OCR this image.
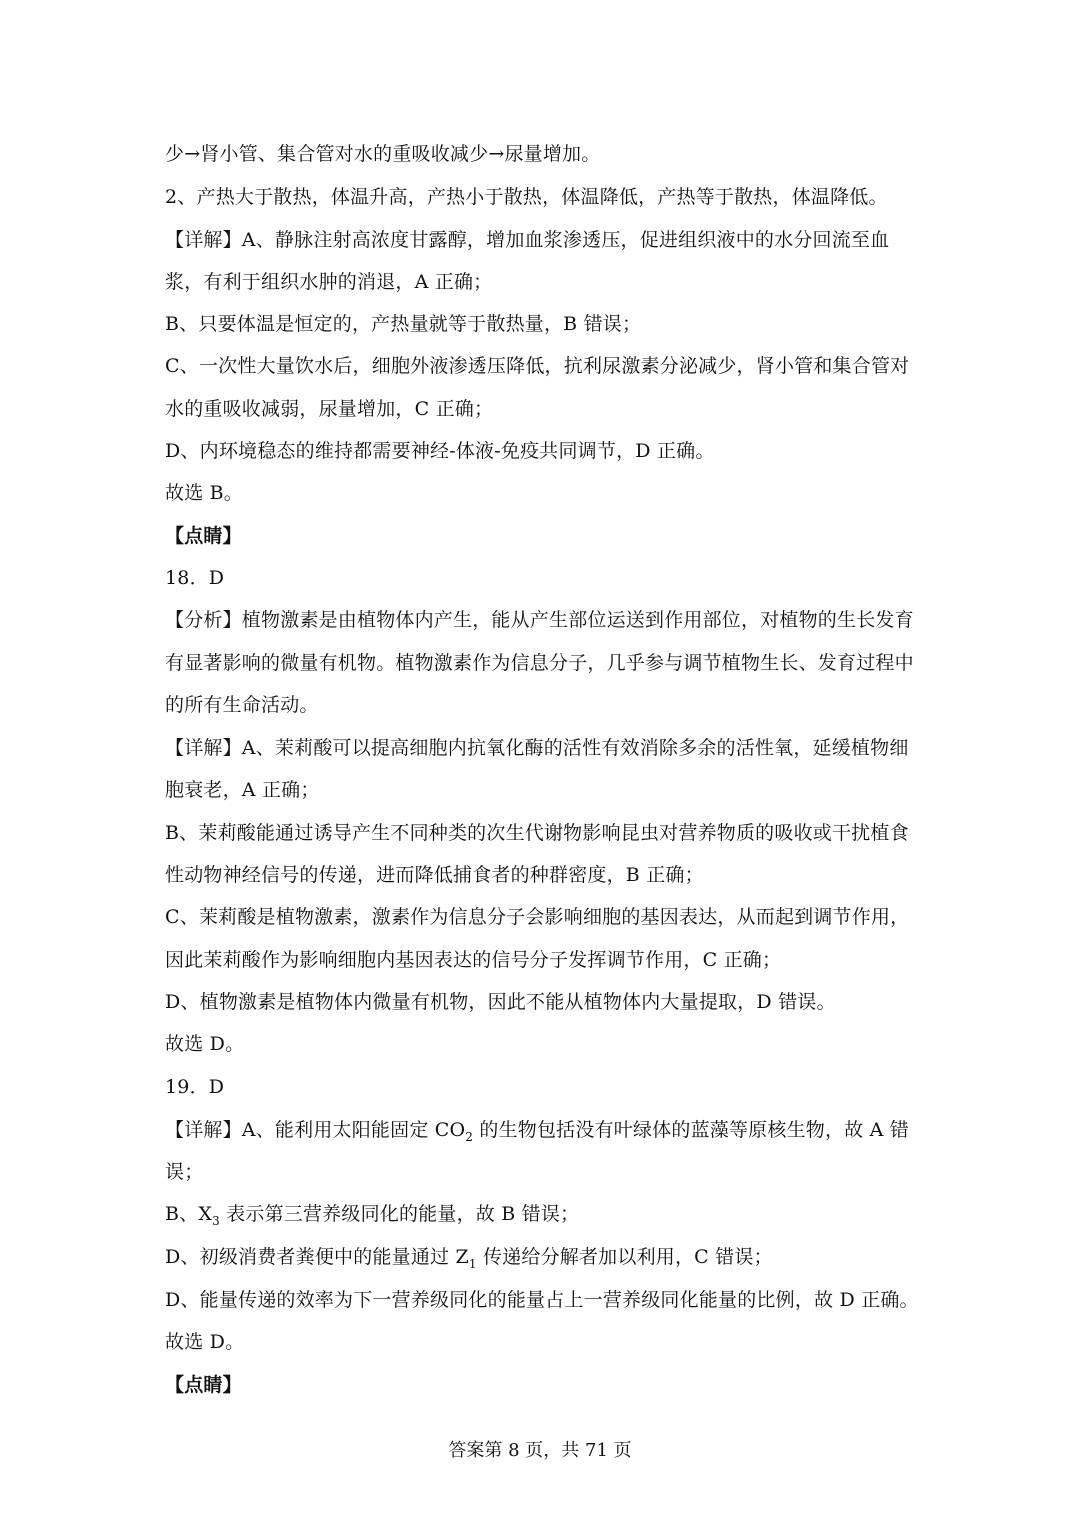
少→肾小管、集合管对水的重吸收减少→尿量增加。
2、产热大于散热，体温升高，产热小于散热，体温降低，产热等于散热，体温降低。
【详解】A、静脉注射高浓度甘露醇，增加血浆渗透压，促进组织液中的水分回流至血
浆，有利于组织水肿的消退，A 正确；
B、只要体温是恒定的，产热量就等于散热量，B 错误；
C、一次性大量饮水后，细胞外液渗透压降低，抗利尿激素分泌减少，肾小管和集合管对
水的重吸收减弱，尿量增加，C 正确；
D、内环境稳态的维持都需要神经-体液-免疫共同调节，D 正确。
故选 B。
【点睛】
18．D
【分析】植物激素是由植物体内产生，能从产生部位运送到作用部位，对植物的生长发育
有显著影响的微量有机物。植物激素作为信息分子，几乎参与调节植物生长、发育过程中
的所有生命活动。
【详解】A、茉莉酸可以提高细胞内抗氧化酶的活性有效消除多余的活性氧，延缓植物细
胞衰老，A 正确；
B、茉莉酸能通过诱导产生不同种类的次生代谢物影响昆虫对营养物质的吸收或干扰植食
性动物神经信号的传递，进而降低捕食者的种群密度，B 正确；
C、茉莉酸是植物激素，激素作为信息分子会影响细胞的基因表达，从而起到调节作用，
因此茉莉酸作为影响细胞内基因表达的信号分子发挥调节作用，C 正确；
D、植物激素是植物体内微量有机物，因此不能从植物体内大量提取，D 错误。
故选 D。
19．D
【详解】A、能利用太阳能固定 $CO_2$ 的生物包括没有叶绿体的蓝藻等原核生物，故 A 错
误；
B、$X_3$ 表示第三营养级同化的能量，故 B 错误；
D、初级消费者粪便中的能量通过 $Z_1$ 传递给分解者加以利用，C 错误；
D、能量传递的效率为下一营养级同化的能量占上一营养级同化能量的比例，故 D 正确。
故选 D。
【点睛】
答案第 8 页，共 71 页
